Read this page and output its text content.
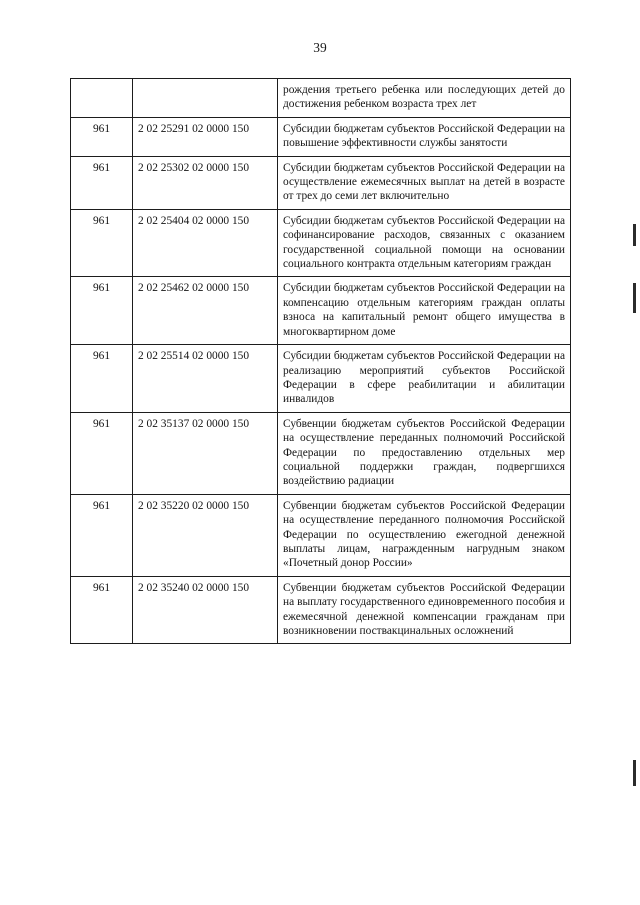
39
		рождения третьего ребенка или последующих детей до достижения ребенком возраста трех лет
961	2 02 25291 02 0000 150	Субсидии бюджетам субъектов Российской Федерации на повышение эффективности службы занятости
961	2 02 25302 02 0000 150	Субсидии бюджетам субъектов Российской Федерации на осуществление ежемесячных выплат на детей в возрасте от трех до семи лет включительно
961	2 02 25404 02 0000 150	Субсидии бюджетам субъектов Российской Федерации на софинансирование расходов, связанных с оказанием государственной социальной помощи на основании социального контракта отдельным категориям граждан
961	2 02 25462 02 0000 150	Субсидии бюджетам субъектов Российской Федерации на компенсацию отдельным категориям граждан оплаты взноса на капитальный ремонт общего имущества в многоквартирном доме
961	2 02 25514 02 0000 150	Субсидии бюджетам субъектов Российской Федерации на реализацию мероприятий субъектов Российской Федерации в сфере реабилитации и абилитации инвалидов
961	2 02 35137 02 0000 150	Субвенции бюджетам субъектов Российской Федерации на осуществление переданных полномочий Российской Федерации по предоставлению отдельных мер социальной поддержки граждан, подвергшихся воздействию радиации
961	2 02 35220 02 0000 150	Субвенции бюджетам субъектов Российской Федерации на осуществление переданного полномочия Российской Федерации по осуществлению ежегодной денежной выплаты лицам, награжденным нагрудным знаком «Почетный донор России»
961	2 02 35240 02 0000 150	Субвенции бюджетам субъектов Российской Федерации на выплату государственного единовременного пособия и ежемесячной денежной компенсации гражданам при возникновении поствакцинальных осложнений
